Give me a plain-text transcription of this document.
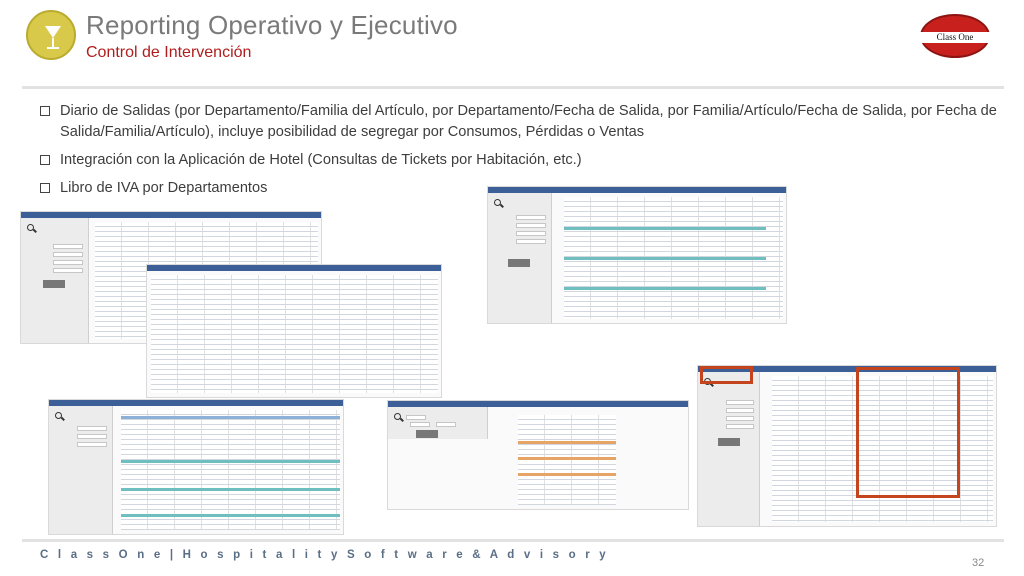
Reporting Operativo y Ejecutivo
Control de Intervención
Class One
Diario de Salidas (por Departamento/Familia del Artículo, por Departamento/Fecha de Salida, por Familia/Artículo/Fecha de Salida, por Fecha de Salida/Familia/Artículo), incluye posibilidad de segregar por Consumos, Pérdidas o Ventas
Integración con la Aplicación de Hotel (Consultas de Tickets por Habitación, etc.)
Libro de IVA por Departamentos
C l a s s O n e | H o s p i t a l i t y S o f t w a r e & A d v i s o r y
32
